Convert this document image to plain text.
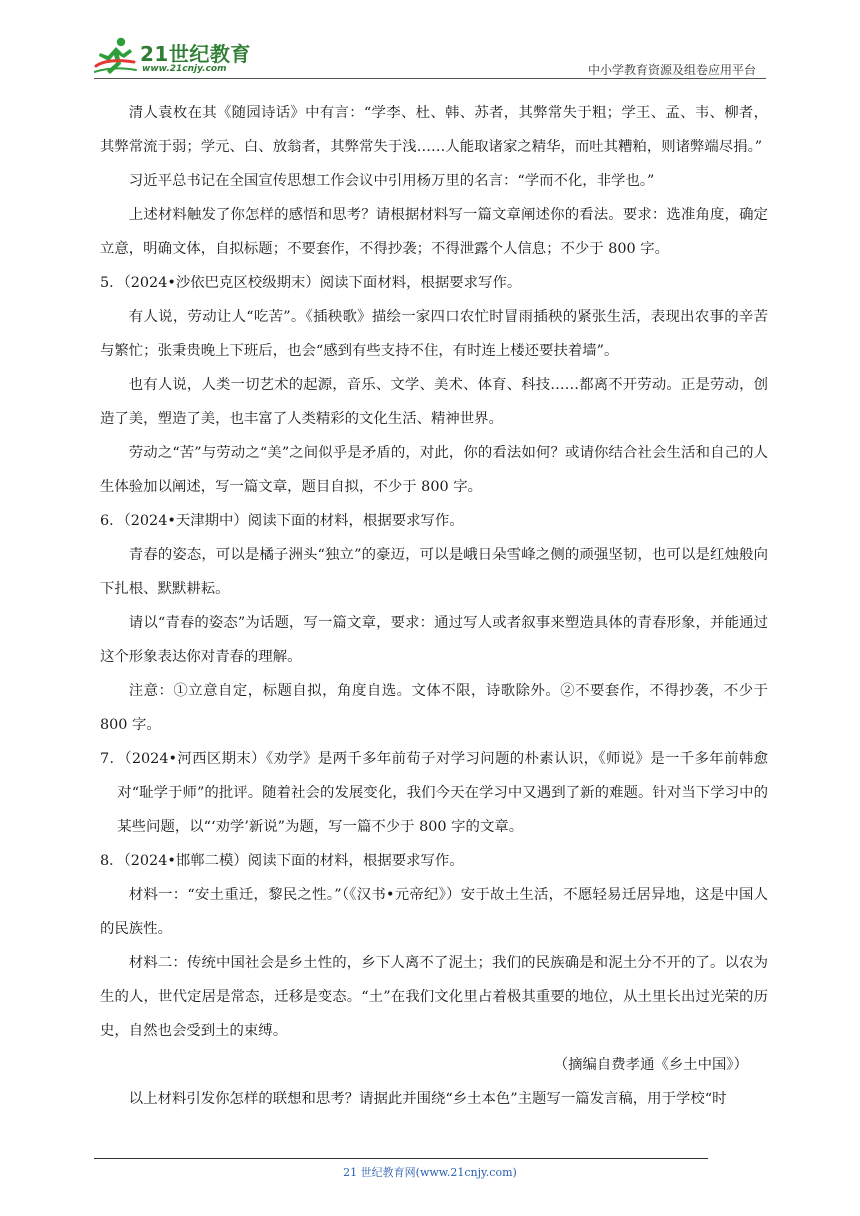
21世纪教育
www.21cnjy.com	中小学教育资源及组卷应用平台

清人袁枚在其《随园诗话》中有言：“学李、杜、韩、苏者，其弊常失于粗；学王、孟、韦、柳者，其弊常流于弱；学元、白、放翁者，其弊常失于浅……人能取诸家之精华，而吐其糟粕，则诸弊端尽捐。”

习近平总书记在全国宣传思想工作会议中引用杨万里的名言：“学而不化，非学也。”

上述材料触发了你怎样的感悟和思考？请根据材料写一篇文章阐述你的看法。要求：选准角度，确定立意，明确文体，自拟标题；不要套作，不得抄袭；不得泄露个人信息；不少于 800 字。

5．（2024•沙依巴克区校级期末）阅读下面材料，根据要求写作。

有人说，劳动让人“吃苦”。《插秧歌》描绘一家四口农忙时冒雨插秧的紧张生活，表现出农事的辛苦与繁忙；张秉贵晚上下班后，也会“感到有些支持不住，有时连上楼还要扶着墙”。

也有人说，人类一切艺术的起源，音乐、文学、美术、体育、科技……都离不开劳动。正是劳动，创造了美，塑造了美，也丰富了人类精彩的文化生活、精神世界。

劳动之“苦”与劳动之“美”之间似乎是矛盾的，对此，你的看法如何？或请你结合社会生活和自己的人生体验加以阐述，写一篇文章，题目自拟，不少于 800 字。

6．（2024•天津期中）阅读下面的材料，根据要求写作。

青春的姿态，可以是橘子洲头“独立”的豪迈，可以是峨日朵雪峰之侧的顽强坚韧，也可以是红烛般向下扎根、默默耕耘。

请以“青春的姿态”为话题，写一篇文章，要求：通过写人或者叙事来塑造具体的青春形象，并能通过这个形象表达你对青春的理解。

注意：①立意自定，标题自拟，角度自选。文体不限，诗歌除外。②不要套作，不得抄袭，不少于 800 字。

7．（2024•河西区期末）《劝学》是两千多年前荀子对学习问题的朴素认识，《师说》是一千多年前韩愈对“耻学于师”的批评。随着社会的发展变化，我们今天在学习中又遇到了新的难题。针对当下学习中的某些问题，以“‘劝学’新说”为题，写一篇不少于 800 字的文章。

8．（2024•邯郸二模）阅读下面的材料，根据要求写作。

材料一：“安土重迁，黎民之性。”（《汉书•元帝纪》）安于故土生活，不愿轻易迁居异地，这是中国人的民族性。

材料二：传统中国社会是乡土性的，乡下人离不了泥土；我们的民族确是和泥土分不开的了。以农为生的人，世代定居是常态，迁移是变态。“土”在我们文化里占着极其重要的地位，从土里长出过光荣的历史，自然也会受到土的束缚。

（摘编自费孝通《乡土中国》）

以上材料引发你怎样的联想和思考？请据此并围绕“乡土本色”主题写一篇发言稿，用于学校“时

21 世纪教育网(www.21cnjy.com)
